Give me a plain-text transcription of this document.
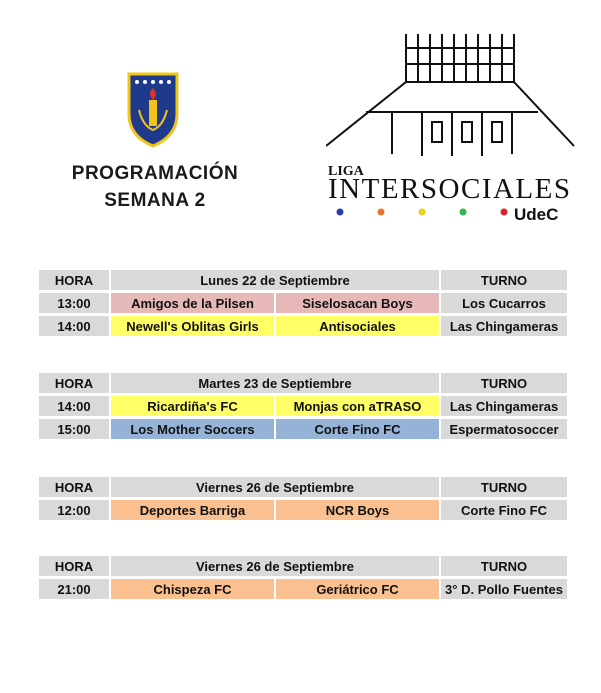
PROGRAMACIÓN
SEMANA 2
LIGA
INTERSOCIALES
UdeC
HORA	Lunes 22 de Septiembre		TURNO
13:00	Amigos de la Pilsen	Siselosacan Boys	Los Cucarros
14:00	Newell's Oblitas Girls	Antisociales	Las Chingameras
HORA	Martes 23 de Septiembre		TURNO
14:00	Ricardiña's FC	Monjas con aTRASO	Las Chingameras
15:00	Los Mother Soccers	Corte Fino FC	Espermatosoccer
HORA	Viernes 26 de Septiembre		TURNO
12:00	Deportes Barriga	NCR Boys	Corte Fino FC
HORA	Viernes 26 de Septiembre		TURNO
21:00	Chispeza FC	Geriátrico FC	3° D. Pollo Fuentes
